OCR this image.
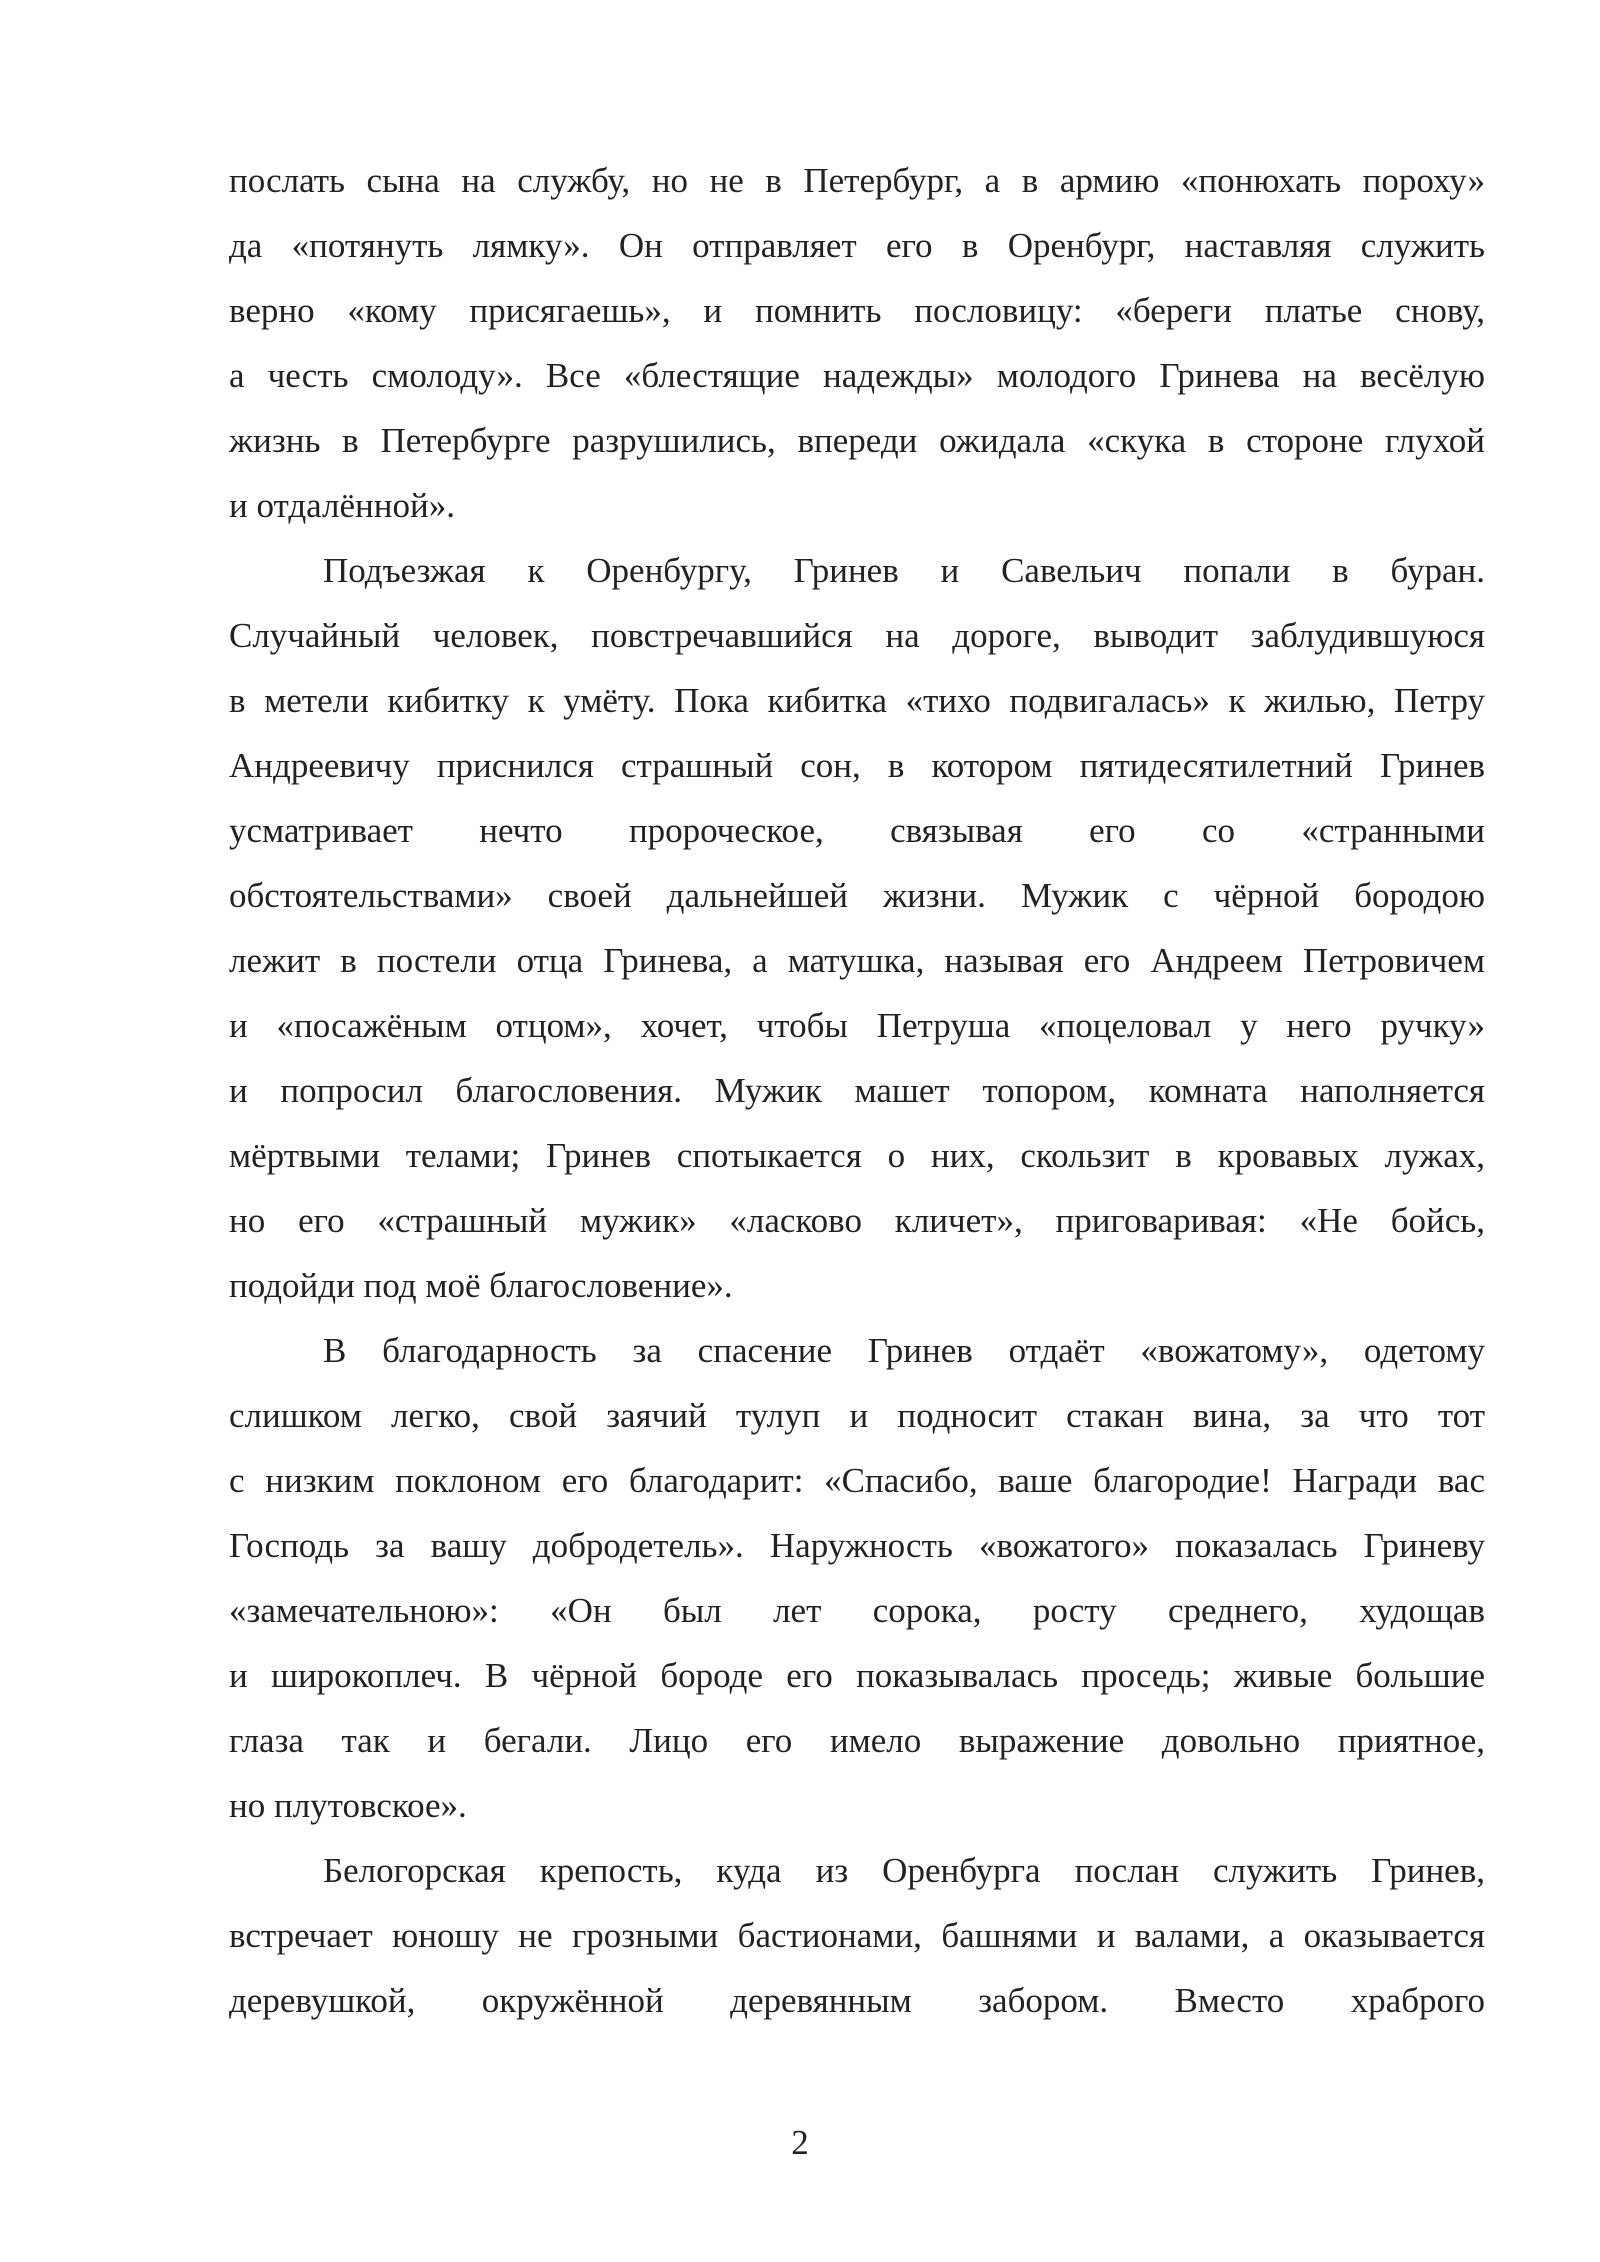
послать сына на службу, но не в Петербург, а в армию «понюхать пороху»
да «потянуть лямку». Он отправляет его в Оренбург, наставляя служить
верно «кому присягаешь», и помнить пословицу: «береги платье снову,
а честь смолоду». Все «блестящие надежды» молодого Гринева на весёлую
жизнь в Петербурге разрушились, впереди ожидала «скука в стороне глухой
и отдалённой».
Подъезжая к Оренбургу, Гринев и Савельич попали в буран.
Случайный человек, повстречавшийся на дороге, выводит заблудившуюся
в метели кибитку к умёту. Пока кибитка «тихо подвигалась» к жилью, Петру
Андреевичу приснился страшный сон, в котором пятидесятилетний Гринев
усматривает нечто пророческое, связывая его со «странными
обстоятельствами» своей дальнейшей жизни. Мужик с чёрной бородою
лежит в постели отца Гринева, а матушка, называя его Андреем Петровичем
и «посажёным отцом», хочет, чтобы Петруша «поцеловал у него ручку»
и попросил благословения. Мужик машет топором, комната наполняется
мёртвыми телами; Гринев спотыкается о них, скользит в кровавых лужах,
но его «страшный мужик» «ласково кличет», приговаривая: «Не бойсь,
подойди под моё благословение».
В благодарность за спасение Гринев отдаёт «вожатому», одетому
слишком легко, свой заячий тулуп и подносит стакан вина, за что тот
с низким поклоном его благодарит: «Спасибо, ваше благородие! Награди вас
Господь за вашу добродетель». Наружность «вожатого» показалась Гриневу
«замечательною»: «Он был лет сорока, росту среднего, худощав
и широкоплеч. В чёрной бороде его показывалась проседь; живые большие
глаза так и бегали. Лицо его имело выражение довольно приятное,
но плутовское».
Белогорская крепость, куда из Оренбурга послан служить Гринев,
встречает юношу не грозными бастионами, башнями и валами, а оказывается
деревушкой, окружённой деревянным забором. Вместо храброго
2
